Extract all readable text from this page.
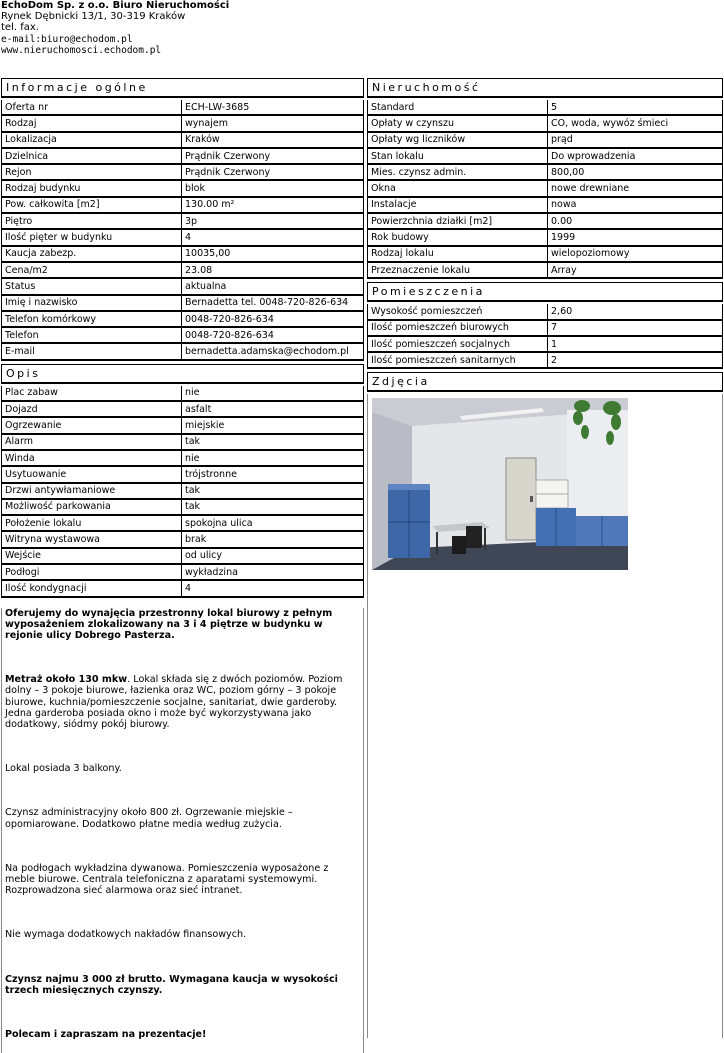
EchoDom Sp. z o.o. Biuro Nieruchomości
Rynek Dębnicki 13/1, 30-319 Kraków
tel. fax.
e-mail:biuro@echodom.pl
www.nieruchomosci.echodom.pl
Informacje ogólne
Oferta nr	ECH-LW-3685
Rodzaj	wynajem
Lokalizacja	Kraków
Dzielnica	Prądnik Czerwony
Rejon	Prądnik Czerwony
Rodzaj budynku	blok
Pow. całkowita [m2]	130.00 m²
Piętro	3p
Ilość pięter w budynku	4
Kaucja zabezp.	10035,00
Cena/m2	23.08
Status	aktualna
Imię i nazwisko	Bernadetta tel. 0048-720-826-634
Telefon komórkowy	0048-720-826-634
Telefon	0048-720-826-634
E-mail	bernadetta.adamska@echodom.pl
Opis
Plac zabaw	nie
Dojazd	asfalt
Ogrzewanie	miejskie
Alarm	tak
Winda	nie
Usytuowanie	trójstronne
Drzwi antywłamaniowe	tak
Możliwość parkowania	tak
Położenie lokalu	spokojna ulica
Witryna wystawowa	brak
Wejście	od ulicy
Podłogi	wykładzina
Ilość kondygnacji	4

Oferujemy do wynajęcia przestronny lokal biurowy z pełnym wyposażeniem zlokalizowany na 3 i 4 piętrze w budynku w rejonie ulicy Dobrego Pasterza.

Metraż około 130 mkw. Lokal składa się z dwóch poziomów. Poziom dolny – 3 pokoje biurowe, łazienka oraz WC, poziom górny – 3 pokoje biurowe, kuchnia/pomieszczenie socjalne, sanitariat, dwie garderoby. Jedna garderoba posiada okno i może być wykorzystywana jako dodatkowy, siódmy pokój biurowy.

Lokal posiada 3 balkony.

Czynsz administracyjny około 800 zł. Ogrzewanie miejskie – opomiarowane. Dodatkowo płatne media według zużycia.

Na podłogach wykładzina dywanowa. Pomieszczenia wyposażone z meble biurowe. Centrala telefoniczna z aparatami systemowymi. Rozprowadzona sieć alarmowa oraz sieć intranet.

Nie wymaga dodatkowych nakładów finansowych.

Czynsz najmu 3 000 zł brutto. Wymagana kaucja w wysokości trzech miesięcznych czynszy.

Polecam i zapraszam na prezentacje!

Nieruchomość
Standard	5
Opłaty w czynszu	CO, woda, wywóz śmieci
Opłaty wg liczników	prąd
Stan lokalu	Do wprowadzenia
Mies. czynsz admin.	800,00
Okna	nowe drewniane
Instalacje	nowa
Powierzchnia działki [m2]	0.00
Rok budowy	1999
Rodzaj lokalu	wielopoziomowy
Przeznaczenie lokalu	Array
Pomieszczenia
Wysokość pomieszczeń	2,60
Ilość pomieszczeń biurowych	7
Ilość pomieszczeń socjalnych	1
Ilość pomieszczeń sanitarnych	2
Zdjęcia
